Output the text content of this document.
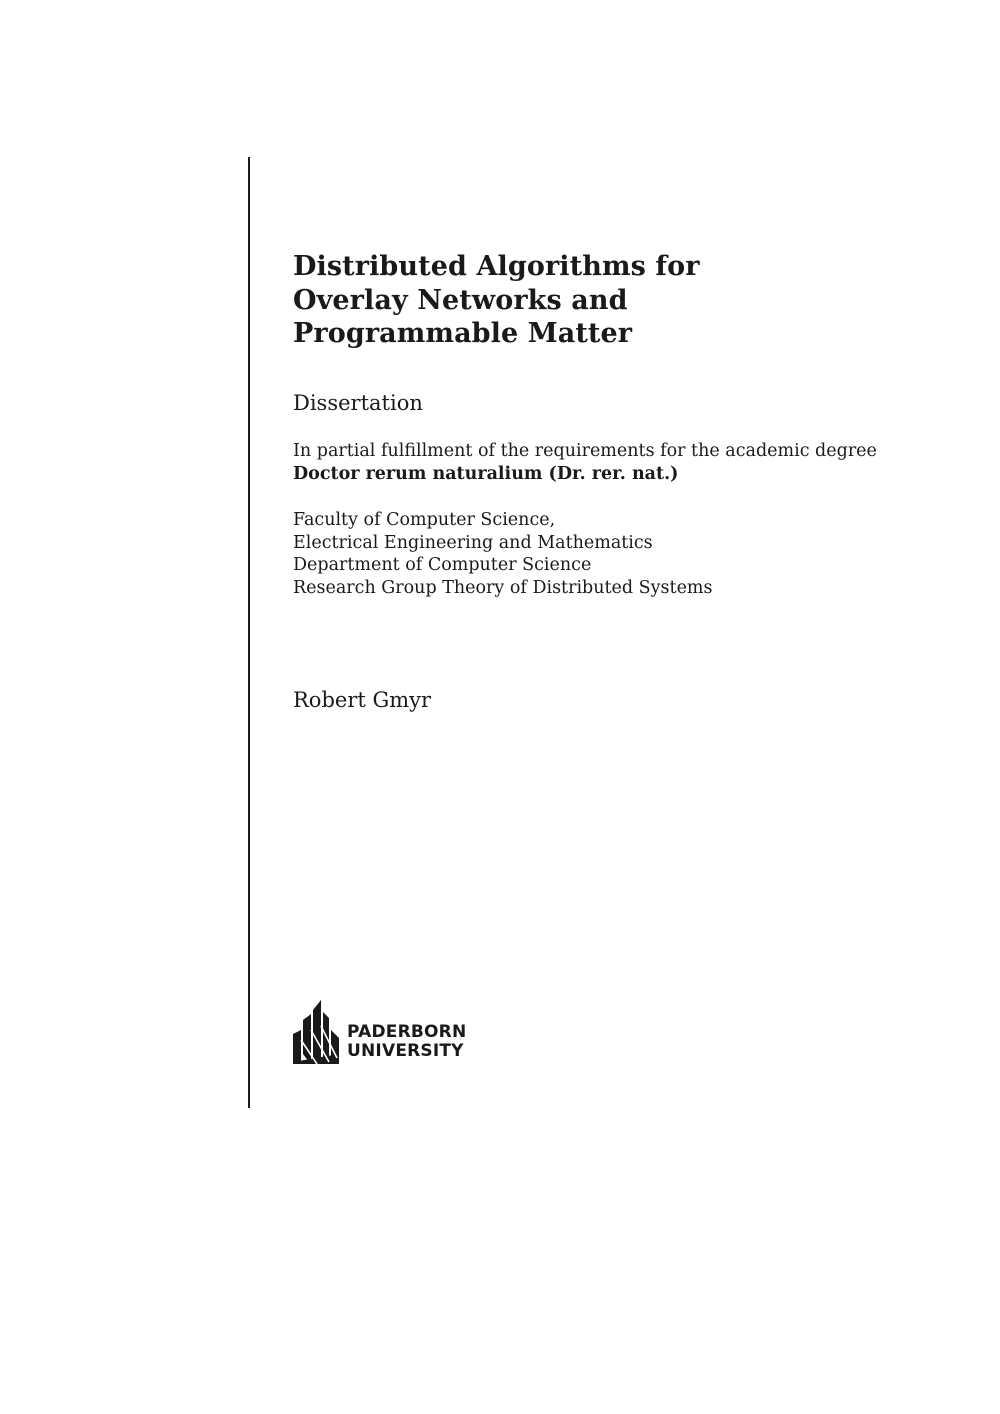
Distributed Algorithms for
Overlay Networks and
Programmable Matter
Dissertation
In partial fulfillment of the requirements for the academic degree
Doctor rerum naturalium (Dr. rer. nat.)
Faculty of Computer Science,
Electrical Engineering and Mathematics
Department of Computer Science
Research Group Theory of Distributed Systems
Robert Gmyr
PADERBORN
UNIVERSITY
